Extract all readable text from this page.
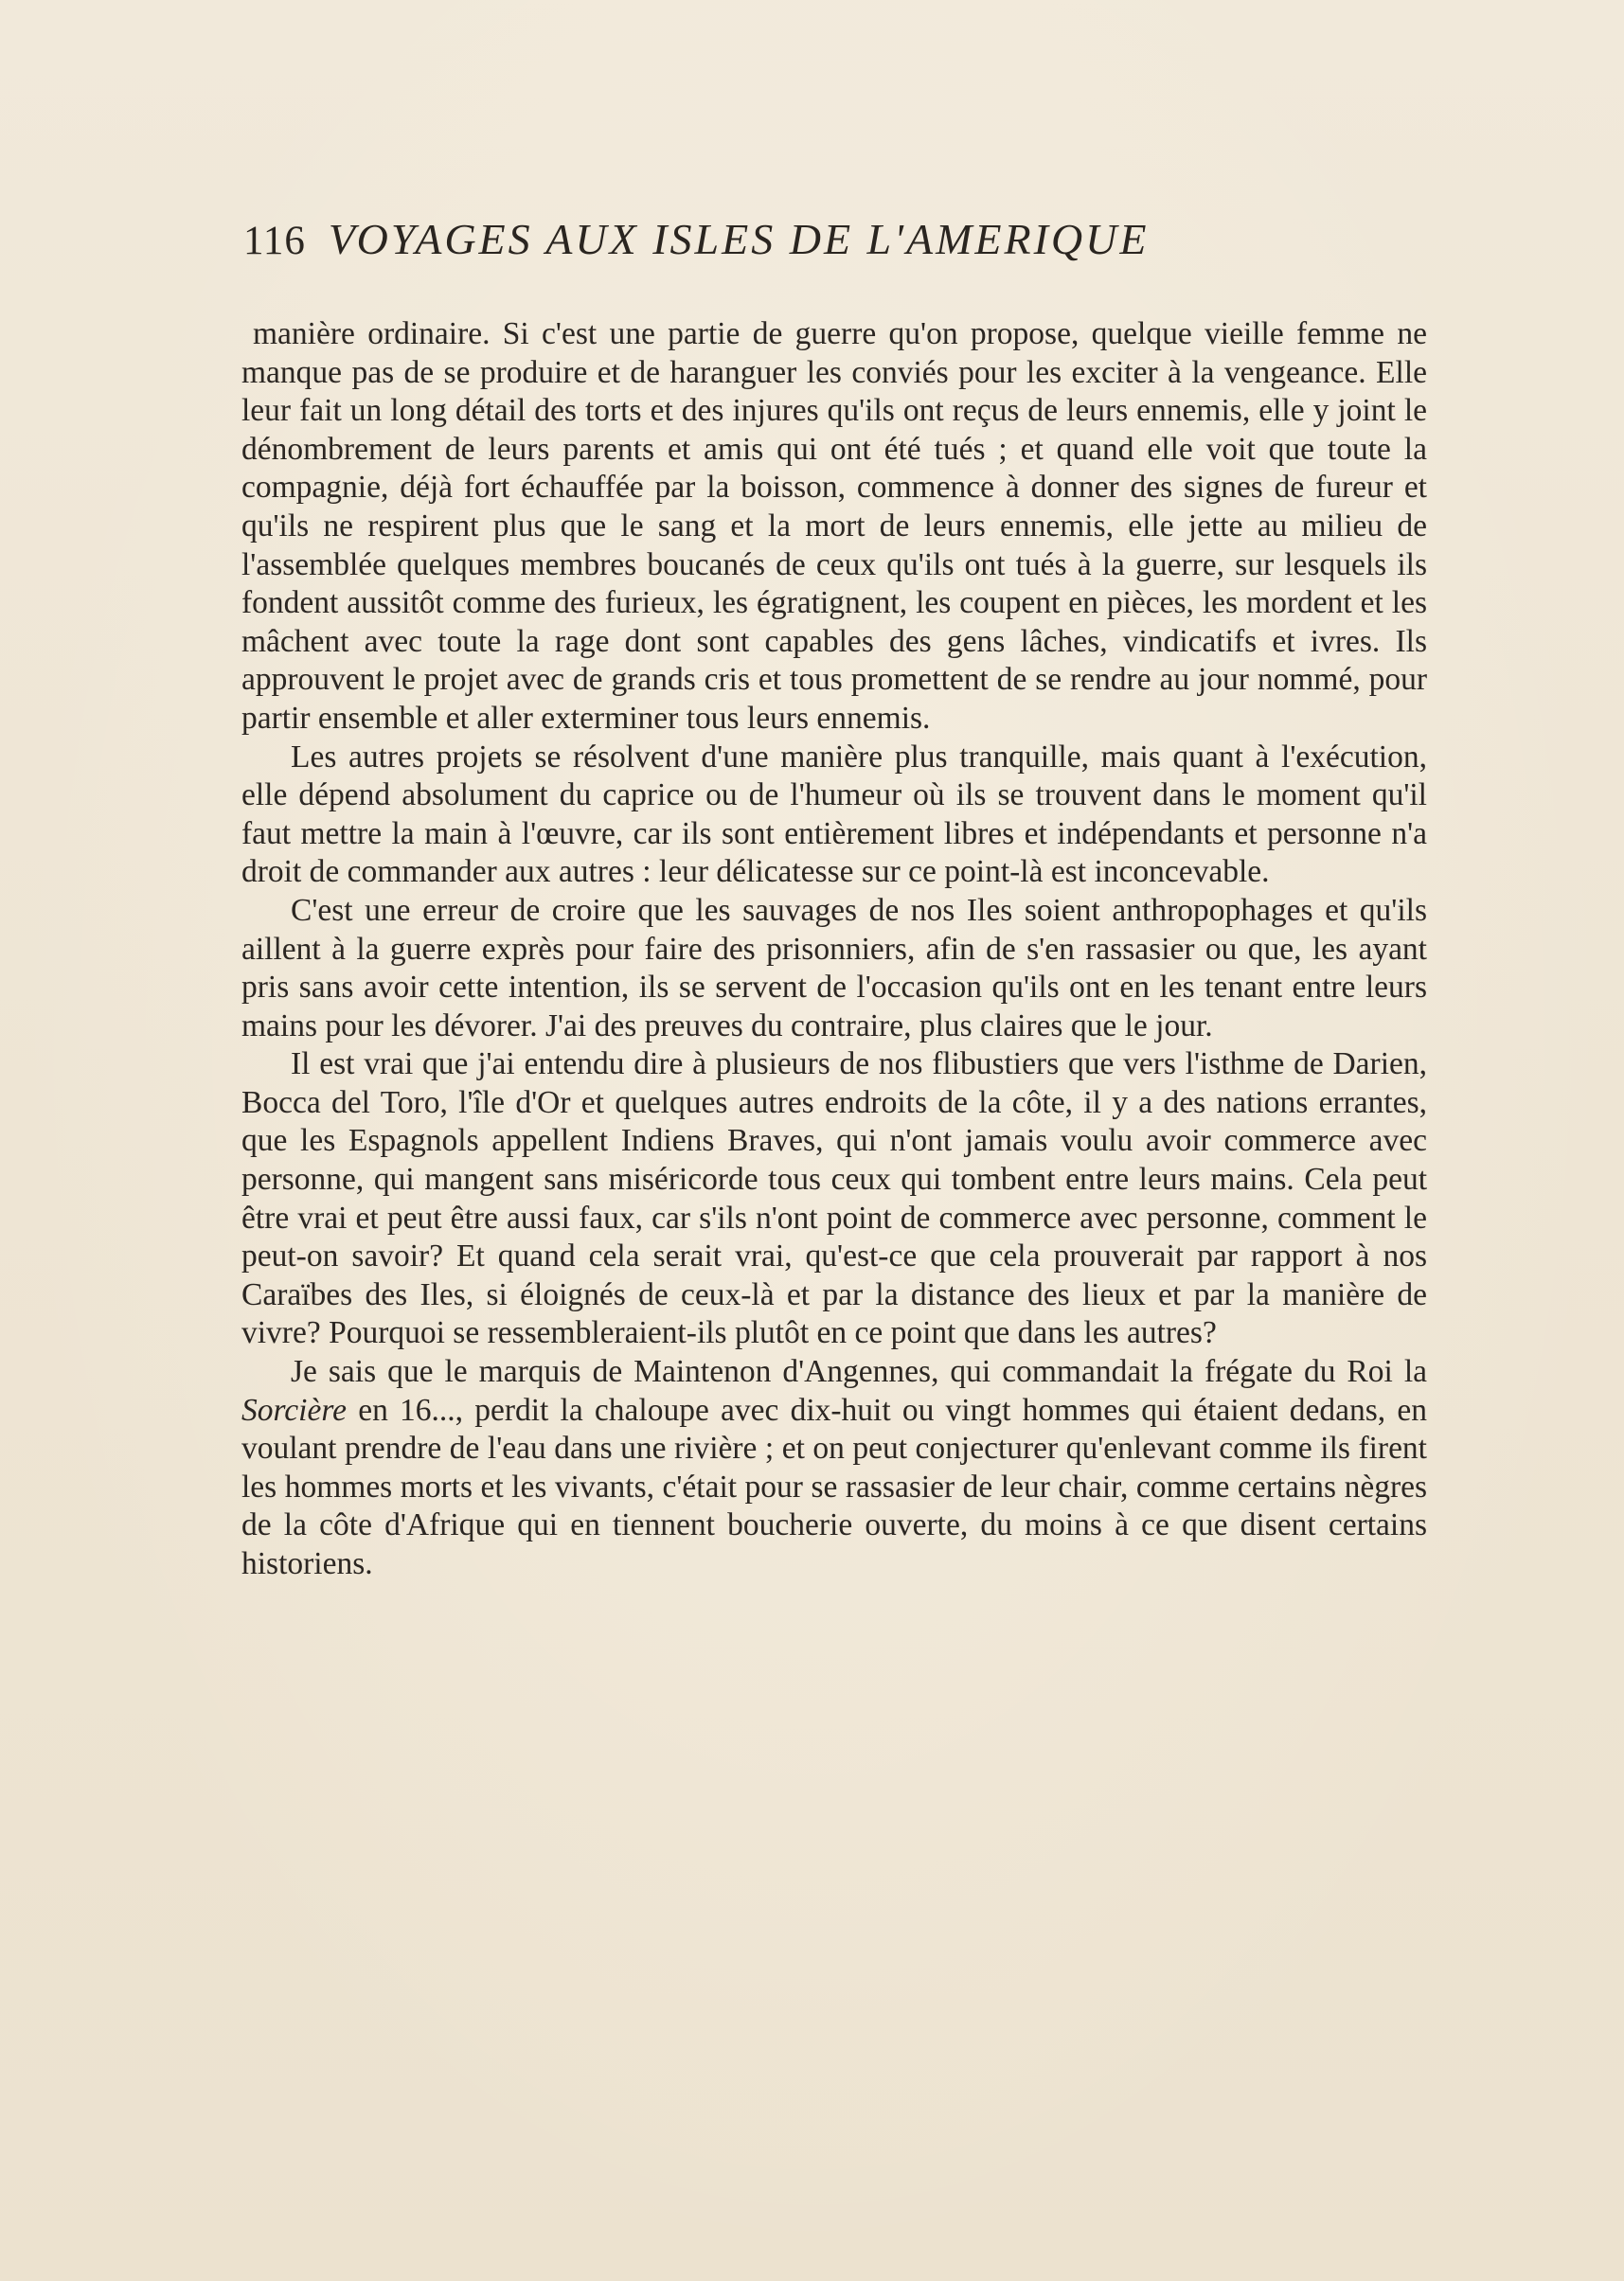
116 VOYAGES AUX ISLES DE L'AMERIQUE

manière ordinaire. Si c'est une partie de guerre qu'on propose, quelque vieille femme ne manque pas de se produire et de haranguer les conviés pour les exciter à la vengeance. Elle leur fait un long détail des torts et des injures qu'ils ont reçus de leurs ennemis, elle y joint le dénombrement de leurs parents et amis qui ont été tués ; et quand elle voit que toute la compagnie, déjà fort échauffée par la boisson, commence à donner des signes de fureur et qu'ils ne respirent plus que le sang et la mort de leurs ennemis, elle jette au milieu de l'assemblée quelques membres boucanés de ceux qu'ils ont tués à la guerre, sur lesquels ils fondent aussitôt comme des furieux, les égratignent, les coupent en pièces, les mordent et les mâchent avec toute la rage dont sont capables des gens lâches, vindicatifs et ivres. Ils approuvent le projet avec de grands cris et tous promettent de se rendre au jour nommé, pour partir ensemble et aller exterminer tous leurs ennemis.

Les autres projets se résolvent d'une manière plus tranquille, mais quant à l'exécution, elle dépend absolument du caprice ou de l'humeur où ils se trouvent dans le moment qu'il faut mettre la main à l'œuvre, car ils sont entièrement libres et indépendants et personne n'a droit de commander aux autres : leur délicatesse sur ce point-là est inconcevable.

C'est une erreur de croire que les sauvages de nos Iles soient anthropophages et qu'ils aillent à la guerre exprès pour faire des prisonniers, afin de s'en rassasier ou que, les ayant pris sans avoir cette intention, ils se servent de l'occasion qu'ils ont en les tenant entre leurs mains pour les dévorer. J'ai des preuves du contraire, plus claires que le jour.

Il est vrai que j'ai entendu dire à plusieurs de nos flibustiers que vers l'isthme de Darien, Bocca del Toro, l'île d'Or et quelques autres endroits de la côte, il y a des nations errantes, que les Espagnols appellent Indiens Braves, qui n'ont jamais voulu avoir commerce avec personne, qui mangent sans miséricorde tous ceux qui tombent entre leurs mains. Cela peut être vrai et peut être aussi faux, car s'ils n'ont point de commerce avec personne, comment le peut-on savoir? Et quand cela serait vrai, qu'est-ce que cela prouverait par rapport à nos Caraïbes des Iles, si éloignés de ceux-là et par la distance des lieux et par la manière de vivre? Pourquoi se ressembleraient-ils plutôt en ce point que dans les autres?

Je sais que le marquis de Maintenon d'Angennes, qui commandait la frégate du Roi la Sorcière en 16..., perdit la chaloupe avec dix-huit ou vingt hommes qui étaient dedans, en voulant prendre de l'eau dans une rivière ; et on peut conjecturer qu'enlevant comme ils firent les hommes morts et les vivants, c'était pour se rassasier de leur chair, comme certains nègres de la côte d'Afrique qui en tiennent boucherie ouverte, du moins à ce que disent certains historiens.
